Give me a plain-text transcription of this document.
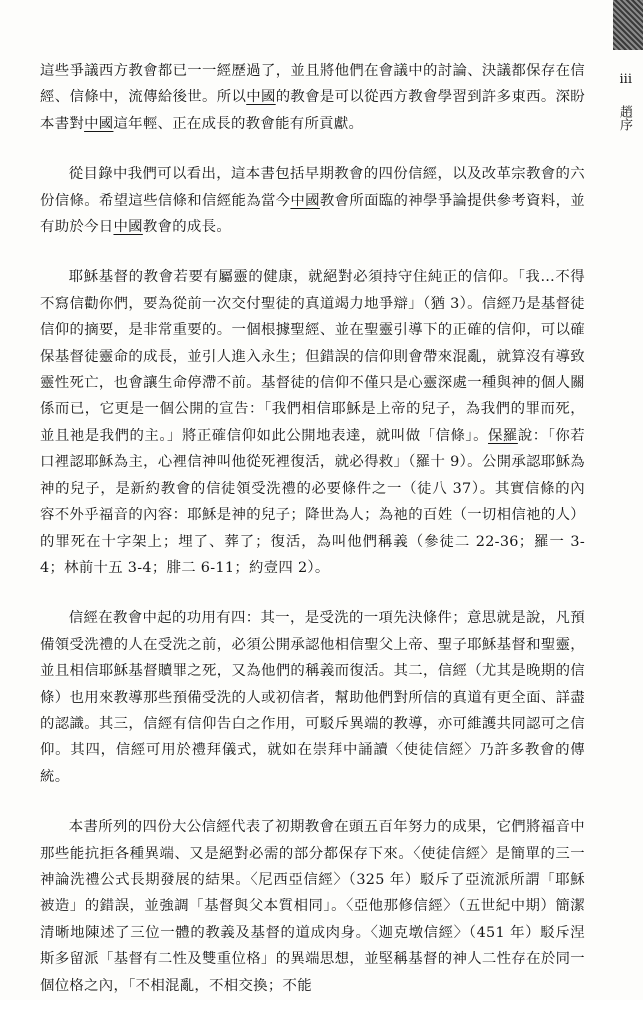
iii
趙序

這些爭議西方教會都已一一經歷過了，並且將他們在會議中的討論、決議都保存在信經、信條中，流傳給後世。所以中國的教會是可以從西方教會學習到許多東西。深盼本書對中國這年輕、正在成長的教會能有所貢獻。

從目錄中我們可以看出，這本書包括早期教會的四份信經，以及改革宗教會的六份信條。希望這些信條和信經能為當今中國教會所面臨的神學爭論提供參考資料，並有助於今日中國教會的成長。

耶穌基督的教會若要有屬靈的健康，就絕對必須持守住純正的信仰。「我…不得不寫信勸你們，要為從前一次交付聖徒的真道竭力地爭辯」（猶 3）。信經乃是基督徒信仰的摘要，是非常重要的。一個根據聖經、並在聖靈引導下的正確的信仰，可以確保基督徒靈命的成長，並引人進入永生；但錯誤的信仰則會帶來混亂，就算沒有導致靈性死亡，也會讓生命停滯不前。基督徒的信仰不僅只是心靈深處一種與神的個人關係而已，它更是一個公開的宣告：「我們相信耶穌是上帝的兒子，為我們的罪而死，並且祂是我們的主。」將正確信仰如此公開地表達，就叫做「信條」。保羅說：「你若口裡認耶穌為主，心裡信神叫他從死裡復活，就必得救」（羅十 9）。公開承認耶穌為神的兒子，是新約教會的信徒領受洗禮的必要條件之一（徒八 37）。其實信條的內容不外乎福音的內容：耶穌是神的兒子；降世為人；為祂的百姓（一切相信祂的人）的罪死在十字架上；埋了、葬了；復活，為叫他們稱義（參徒二 22-36；羅一 3-4；林前十五 3-4；腓二 6-11；約壹四 2）。

信經在教會中起的功用有四：其一，是受洗的一項先決條件；意思就是說，凡預備領受洗禮的人在受洗之前，必須公開承認他相信聖父上帝、聖子耶穌基督和聖靈，並且相信耶穌基督贖罪之死，又為他們的稱義而復活。其二，信經（尤其是晚期的信條）也用來教導那些預備受洗的人或初信者，幫助他們對所信的真道有更全面、詳盡的認識。其三，信經有信仰告白之作用，可駁斥異端的教導，亦可維護共同認可之信仰。其四，信經可用於禮拜儀式，就如在崇拜中誦讀〈使徒信經〉乃許多教會的傳統。

本書所列的四份大公信經代表了初期教會在頭五百年努力的成果，它們將福音中那些能抗拒各種異端、又是絕對必需的部分都保存下來。〈使徒信經〉是簡單的三一神論洗禮公式長期發展的結果。〈尼西亞信經〉（325 年）駁斥了亞流派所謂「耶穌被造」的錯誤，並強調「基督與父本質相同」。〈亞他那修信經〉（五世紀中期）簡潔清晰地陳述了三位一體的教義及基督的道成肉身。〈迦克墩信經〉（451 年）駁斥涅斯多留派「基督有二性及雙重位格」的異端思想，並堅稱基督的神人二性存在於同一個位格之內，「不相混亂，不相交換；不能
